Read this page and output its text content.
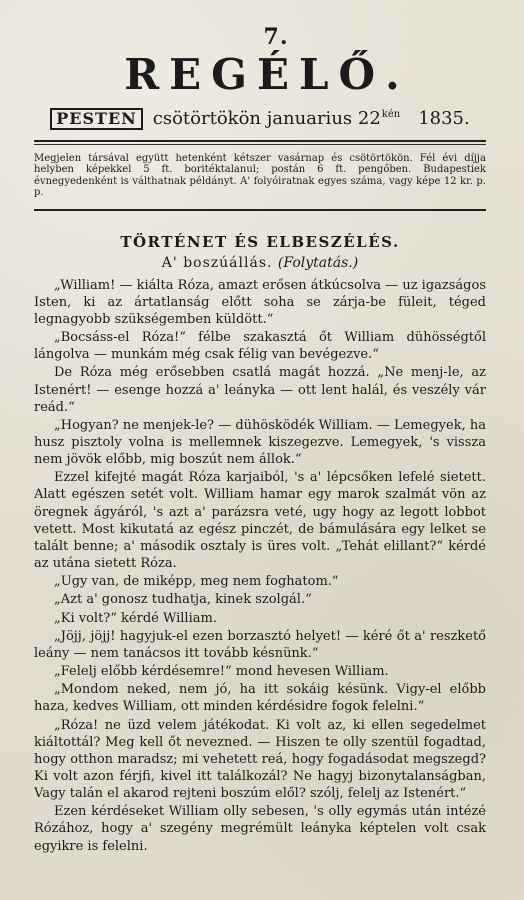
7.
REGÉLŐ.
PESTEN csötörtökön januarius $22^{kén}$ 1835.
Megjelen társával együtt hetenként kétszer vasárnap és csötörtökön. Fél évi díjja helyben képekkel 5 ft. boritéktalanul; postán 6 ft. pengőben. Budapestiek évnegyedenként is válthatnak példányt. A' folyóiratnak egyes száma, vagy képe 12 kr. p. p.
TÖRTÉNET ÉS ELBESZÉLÉS.
A' boszúállás. (Folytatás.)

„William! — kiálta Róza, amazt erősen átkúcsolva — uz igazságos Isten, ki az ártatlanság előtt soha se zárja-be füleit, téged legnagyobb szükségemben küldött.“

„Bocsáss-el Róza!“ félbe szakasztá őt William dühösségtől lángolva — munkám még csak félig van bevégezve.“

De Róza még erősebben csatlá magát hozzá. „Ne menj-le, az Istenért! — esenge hozzá a' leányka — ott lent halál, és veszély vár reád.“

„Hogyan? ne menjek-le? — dühösködék William. — Lemegyek, ha husz pisztoly volna is mellemnek kiszegezve. Lemegyek, 's vissza nem jövök előbb, mig boszút nem állok.“

Ezzel kifejté magát Róza karjaiból, 's a' lépcsőken lefelé sietett. Alatt egészen setét volt. William hamar egy marok szalmát vön az öregnek ágyáról, 's azt a' parázsra veté, ugy hogy az legott lobbot vetett. Most kikutatá az egész pinczét, de bámulására egy lelket se talált benne; a' második osztaly is üres volt. „Tehát elillant?“ kérdé az utána sietett Róza.

„Ugy van, de miképp, meg nem foghatom.“

„Azt a' gonosz tudhatja, kinek szolgál.“

„Ki volt?“ kérdé William.

„Jöjj, jöjj! hagyjuk-el ezen borzasztó helyet! — kéré őt a' reszkető leány — nem tanácsos itt tovább késnünk.“

„Felelj előbb kérdésemre!“ mond hevesen William.

„Mondom neked, nem jó, ha itt sokáig késünk. Vigy-el előbb haza, kedves William, ott minden kérdésidre fogok felelni.“

„Róza! ne üzd velem játékodat. Ki volt az, ki ellen segedelmet kiáltottál? Meg kell őt nevezned. — Hiszen te olly szentül fogadtad, hogy otthon maradsz; mi vehetett reá, hogy fogadásodat megszegd? Ki volt azon férjfi, kivel itt találkozál? Ne hagyj bizonytalanságban, Vagy talán el akarod rejteni boszúm elől? szólj, felelj az Istenért.“

Ezen kérdéseket William olly sebesen, 's olly egymás után intézé Rózához, hogy a' szegény megrémült leányka képtelen volt csak egyikre is felelni.
